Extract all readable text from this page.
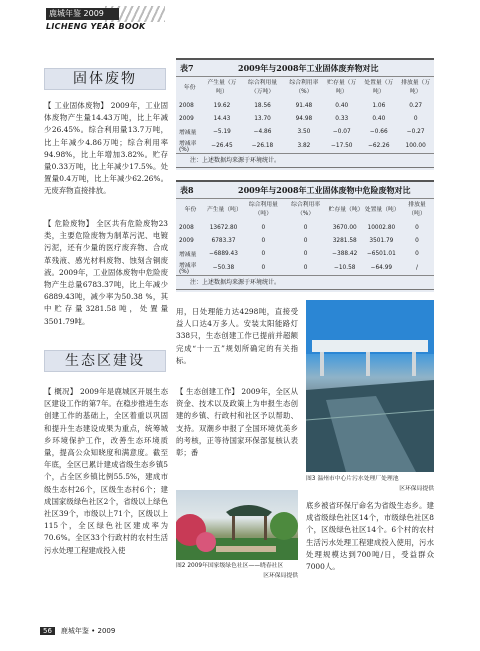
鹿城年鉴 2009
LICHENG YEAR BOOK
固体废物
【 工业固体废物】 2009年，工业固体废物产生量14.43万吨，比上年减少26.45%。综合利用量13.7万吨，比上年减少4.86万吨；综合利用率94.98%，比上年增加3.82%。贮存量0.33万吨，比上年减少17.5%。处置量0.4万吨，比上年减少62.26%。无废弃物直接排放。
【 危险废物】 全区共有危险废物23类，主要危险废物为制革污泥、电镀污泥，还有少量的医疗废弃物、合成革残液、感光材料废物、蚀刻含铜废液。2009年，工业固体废物中危险废物产生总量6783.37吨，比上年减少6889.43吨，减少率为50.38 %，其中贮存量3281.58吨，处置量3501.79吨。
生态区建设
【 概况】 2009年是鹿城区开展生态区建设工作的第7年。在稳步推进生态创建工作的基础上，全区着重以巩固和提升生态建设成果为重点，统筹城乡环境保护工作，改善生态环境质量，提高公众知晓度和满意度。截至年底，全区已累计建成省级生态乡镇5个，占全区乡镇比例55.5%，建成市级生态村26个，区级生态村6个；建成国家级绿色社区2个，省级以上绿色社区39个，市级以上71个，区级以上115个，全区绿色社区建成率为70.6%。全区33个行政村的农村生活污水处理工程建成投入使
表7	2009年与2008年工业固体废弃物对比
年份	产生量（万吨）	综合利用量（万吨）	综合利用率（%）	贮存量（万吨）	处置量（万吨）	排放量（万吨）
2008	19.62	18.56	91.48	0.40	1.06	0.27
2009	14.43	13.70	94.98	0.33	0.40	0
增减量	−5.19	−4.86	3.50	−0.07	−0.66	−0.27
增减率(%)	−26.45	−26.18	3.82	−17.50	−62.26	100.00
注：上述数据均来源于环境统计。
表8	2009年与2008年工业固体废物中危险废物对比
年份	产生量（吨）	综合利用量（吨）	综合利用率（%）	贮存量（吨）	处置量（吨）	排放量（吨）
2008	13672.80	0	0	3670.00	10002.80	0
2009	6783.37	0	0	3281.58	3501.79	0
增减量	−6889.43	0	0	−388.42	−6501.01	0
增减率(%)	−50.38	0	0	−10.58	−64.99	/
注：上述数据均来源于环境统计。
用，日处理能力达4298吨，直接受益人口达4万多人。安装太阳能路灯338只，生态创建工作已提前并超额完成“十一五”规划所确定的有关指标。
【 生态创建工作】 2009年，全区从资金、技术以及政策上为申报生态创建的乡镇、行政村和社区予以帮助、支持。双潮乡申报了全国环境优美乡的考核，正等待国家环保部复核认表彰；番
图2 2009年国家级绿色社区——晓春社区
区环保局提供
图3 温州市中心片污水处理厂处理池
区环保局提供
底乡被省环保厅命名为省级生态乡。建成省级绿色社区14个，市级绿色社区8个，区级绿色社区14个。6个村的农村生活污水处理工程建成投入使用，污水处理规模达到700吨/日，受益群众7000人。
56 鹿城年鉴 • 2009
